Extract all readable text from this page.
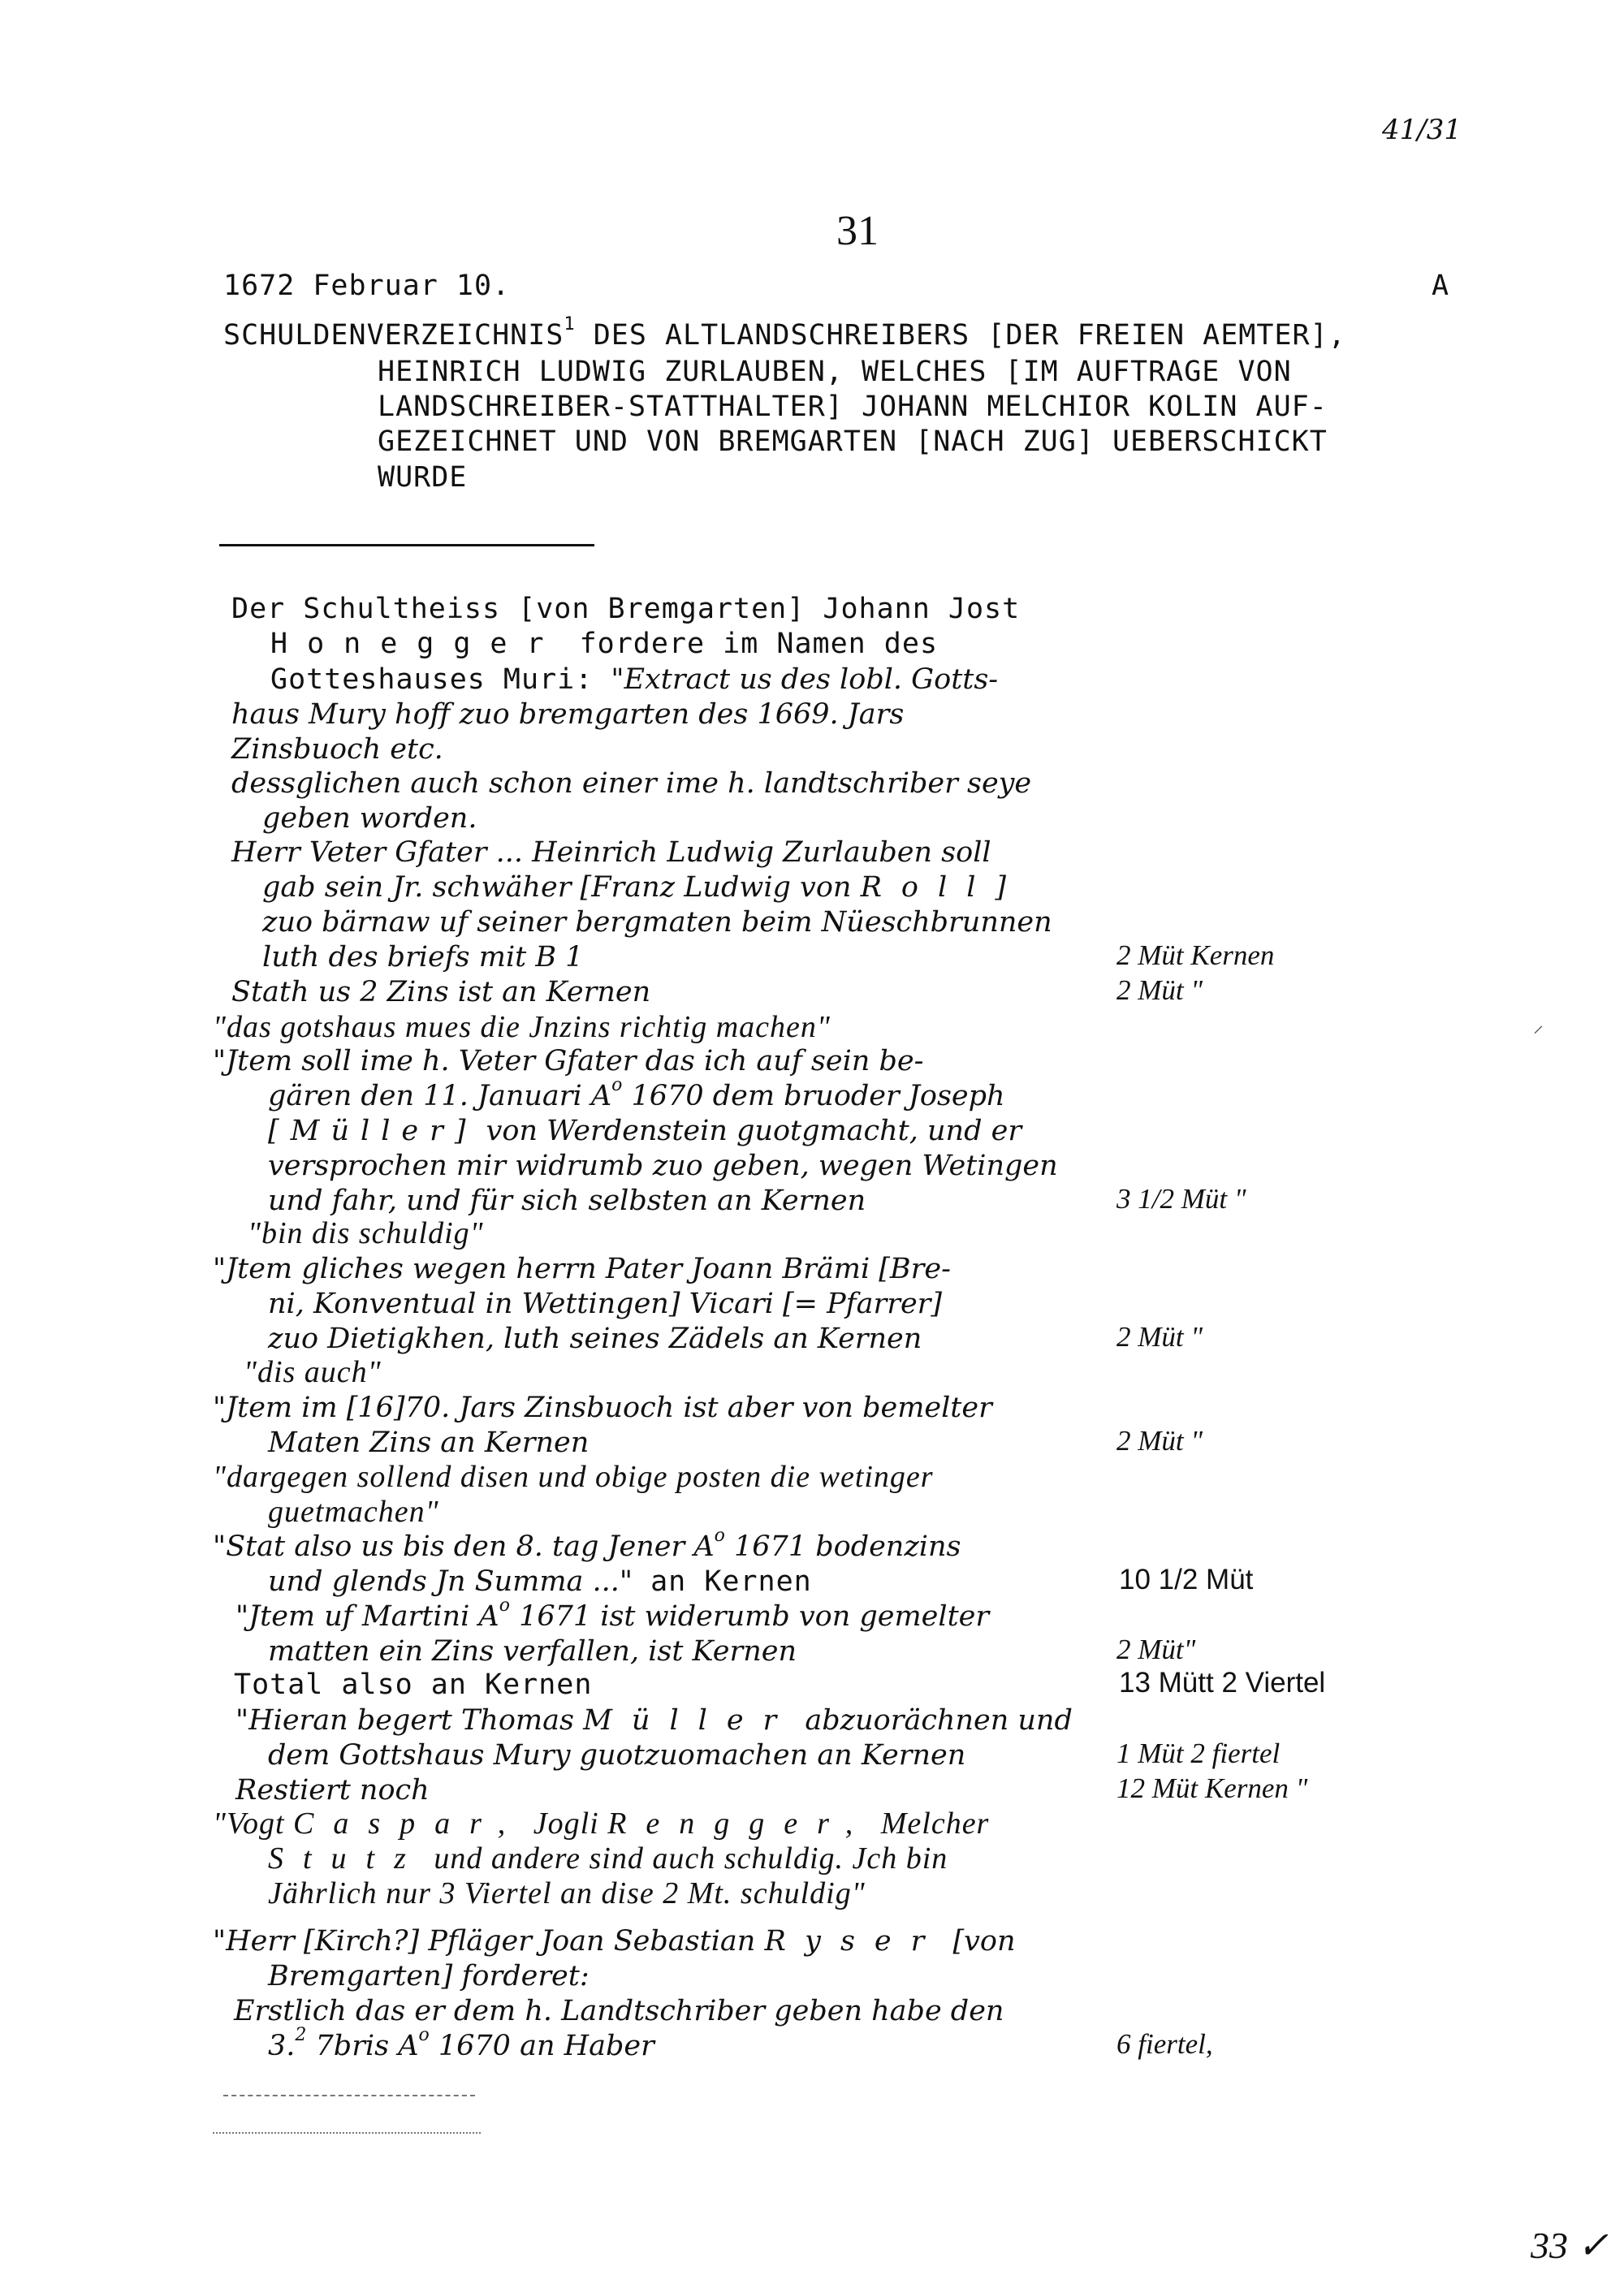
41/31
31
1672 Februar 10.	A
SCHULDENVERZEICHNIS$^1$ DES ALTLANDSCHREIBERS [DER FREIEN AEMTER],
HEINRICH LUDWIG ZURLAUBEN, WELCHES [IM AUFTRAGE VON
LANDSCHREIBER-STATTHALTER] JOHANN MELCHIOR KOLIN AUF-
GEZEICHNET UND VON BREMGARTEN [NACH ZUG] UEBERSCHICKT
WURDE
Der Schultheiss [von Bremgarten] Johann Jost
Honegger fordere im Namen des
Gotteshauses Muri: "Extract us des lobl. Gotts-
haus Mury hoff zuo bremgarten des 1669. Jars
Zinsbuoch etc.
dessglichen auch schon einer ime h. landtschriber seye
geben worden.
Herr Veter Gfater ... Heinrich Ludwig Zurlauben soll
gab sein Jr. schwäher [Franz Ludwig von Roll]
zuo bärnaw uf seiner bergmaten beim Nüeschbrunnen
luth des briefs mit B 1	2 Müt Kernen
Stath us 2 Zins ist an Kernen	2 Müt "
"das gotshaus mues die Jnzins richtig machen"
"Jtem soll ime h. Veter Gfater das ich auf sein be-
gären den 11. Januari $A^o$ 1670 dem bruoder Joseph
[Müller] von Werdenstein guotgmacht, und er
versprochen mir widrumb zuo geben, wegen Wetingen
und fahr, und für sich selbsten an Kernen	3 1/2 Müt "
"bin dis schuldig"
"Jtem gliches wegen herrn Pater Joann Brämi [Bre-
ni, Konventual in Wettingen] Vicari [= Pfarrer]
zuo Dietigkhen, luth seines Zädels an Kernen	2 Müt "
"dis auch"
"Jtem im [16]70. Jars Zinsbuoch ist aber von bemelter
Maten Zins an Kernen	2 Müt "
"dargegen sollend disen und obige posten die wetinger
guetmachen"
"Stat also us bis den 8. tag Jener $A^o$ 1671 bodenzins
und glends Jn Summa ..." an Kernen	10 1/2 Müt
"Jtem uf Martini $A^o$ 1671 ist widerumb von gemelter
matten ein Zins verfallen, ist Kernen	2 Müt"
Total also an Kernen	13 Mütt 2 Viertel
"Hieran begert Thomas Müller abzuorächnen und
dem Gottshaus Mury guotzuomachen an Kernen	1 Müt 2 fiertel
Restiert noch	12 Müt Kernen "
"Vogt Caspar, Jogli Rengger, Melcher
Stutz und andere sind auch schuldig. Jch bin
Jährlich nur 3 Viertel an dise 2 Mt. schuldig"
"Herr [Kirch?] Pfläger Joan Sebastian Ryser [von
Bremgarten] forderet:
Erstlich das er dem h. Landtschriber geben habe den
3.$^2$ 7bris $A^o$ 1670 an Haber	6 fiertel,
⸝
33 ✓
